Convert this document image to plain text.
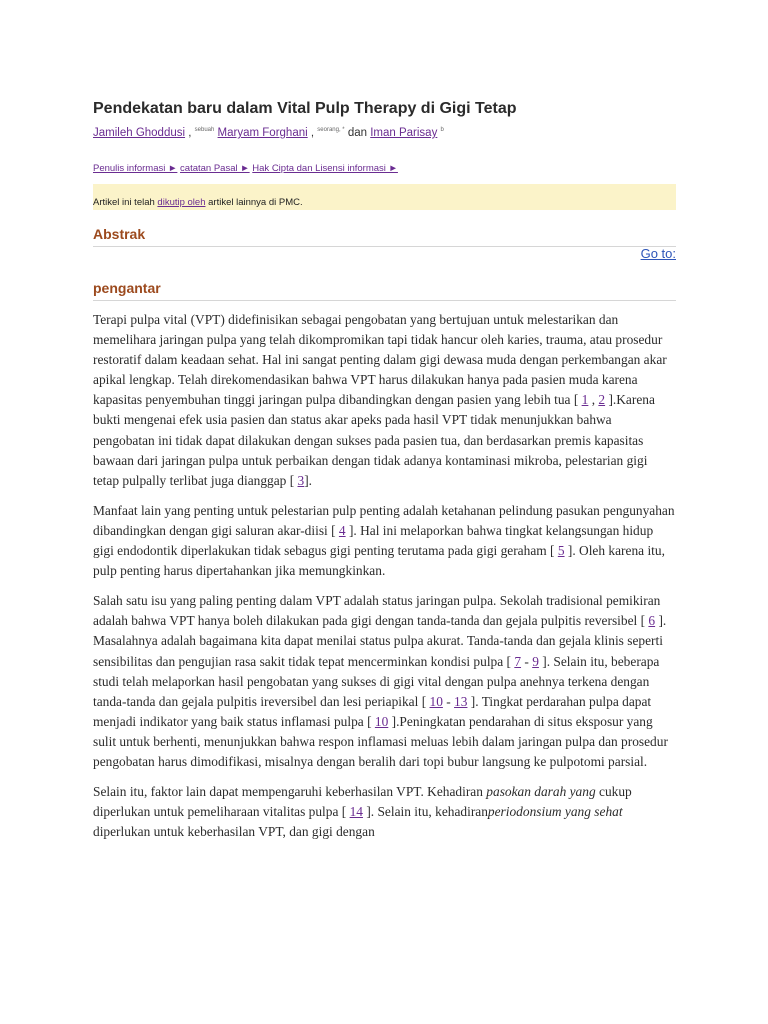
Pendekatan baru dalam Vital Pulp Therapy di Gigi Tetap
Jamileh Ghoddusi , $^{sebuah}$ Maryam Forghani , $^{seorang, *}$ dan Iman Parisay $^b$
Penulis informasi ► catatan Pasal ► Hak Cipta dan Lisensi informasi ►
Artikel ini telah dikutip oleh artikel lainnya di PMC.
Abstrak
Go to:
pengantar

Terapi pulpa vital (VPT) didefinisikan sebagai pengobatan yang bertujuan untuk melestarikan dan memelihara jaringan pulpa yang telah dikompromikan tapi tidak hancur oleh karies, trauma, atau prosedur restoratif dalam keadaan sehat. Hal ini sangat penting dalam gigi dewasa muda dengan perkembangan akar apikal lengkap. Telah direkomendasikan bahwa VPT harus dilakukan hanya pada pasien muda karena kapasitas penyembuhan tinggi jaringan pulpa dibandingkan dengan pasien yang lebih tua [ 1 , 2 ].Karena bukti mengenai efek usia pasien dan status akar apeks pada hasil VPT tidak menunjukkan bahwa pengobatan ini tidak dapat dilakukan dengan sukses pada pasien tua, dan berdasarkan premis kapasitas bawaan dari jaringan pulpa untuk perbaikan dengan tidak adanya kontaminasi mikroba, pelestarian gigi tetap pulpally terlibat juga dianggap [ 3].

Manfaat lain yang penting untuk pelestarian pulp penting adalah ketahanan pelindung pasukan pengunyahan dibandingkan dengan gigi saluran akar-diisi [ 4 ]. Hal ini melaporkan bahwa tingkat kelangsungan hidup gigi endodontik diperlakukan tidak sebagus gigi penting terutama pada gigi geraham [ 5 ]. Oleh karena itu, pulp penting harus dipertahankan jika memungkinkan.

Salah satu isu yang paling penting dalam VPT adalah status jaringan pulpa. Sekolah tradisional pemikiran adalah bahwa VPT hanya boleh dilakukan pada gigi dengan tanda-tanda dan gejala pulpitis reversibel [ 6 ]. Masalahnya adalah bagaimana kita dapat menilai status pulpa akurat. Tanda-tanda dan gejala klinis seperti sensibilitas dan pengujian rasa sakit tidak tepat mencerminkan kondisi pulpa [ 7 - 9 ]. Selain itu, beberapa studi telah melaporkan hasil pengobatan yang sukses di gigi vital dengan pulpa anehnya terkena dengan tanda-tanda dan gejala pulpitis ireversibel dan lesi periapikal [ 10 - 13 ]. Tingkat perdarahan pulpa dapat menjadi indikator yang baik status inflamasi pulpa [ 10 ].Peningkatan pendarahan di situs eksposur yang sulit untuk berhenti, menunjukkan bahwa respon inflamasi meluas lebih dalam jaringan pulpa dan prosedur pengobatan harus dimodifikasi, misalnya dengan beralih dari topi bubur langsung ke pulpotomi parsial.

Selain itu, faktor lain dapat mempengaruhi keberhasilan VPT. Kehadiran pasokan darah yang cukup diperlukan untuk pemeliharaan vitalitas pulpa [ 14 ]. Selain itu, kehadiranperiodonsium yang sehat diperlukan untuk keberhasilan VPT, dan gigi dengan
